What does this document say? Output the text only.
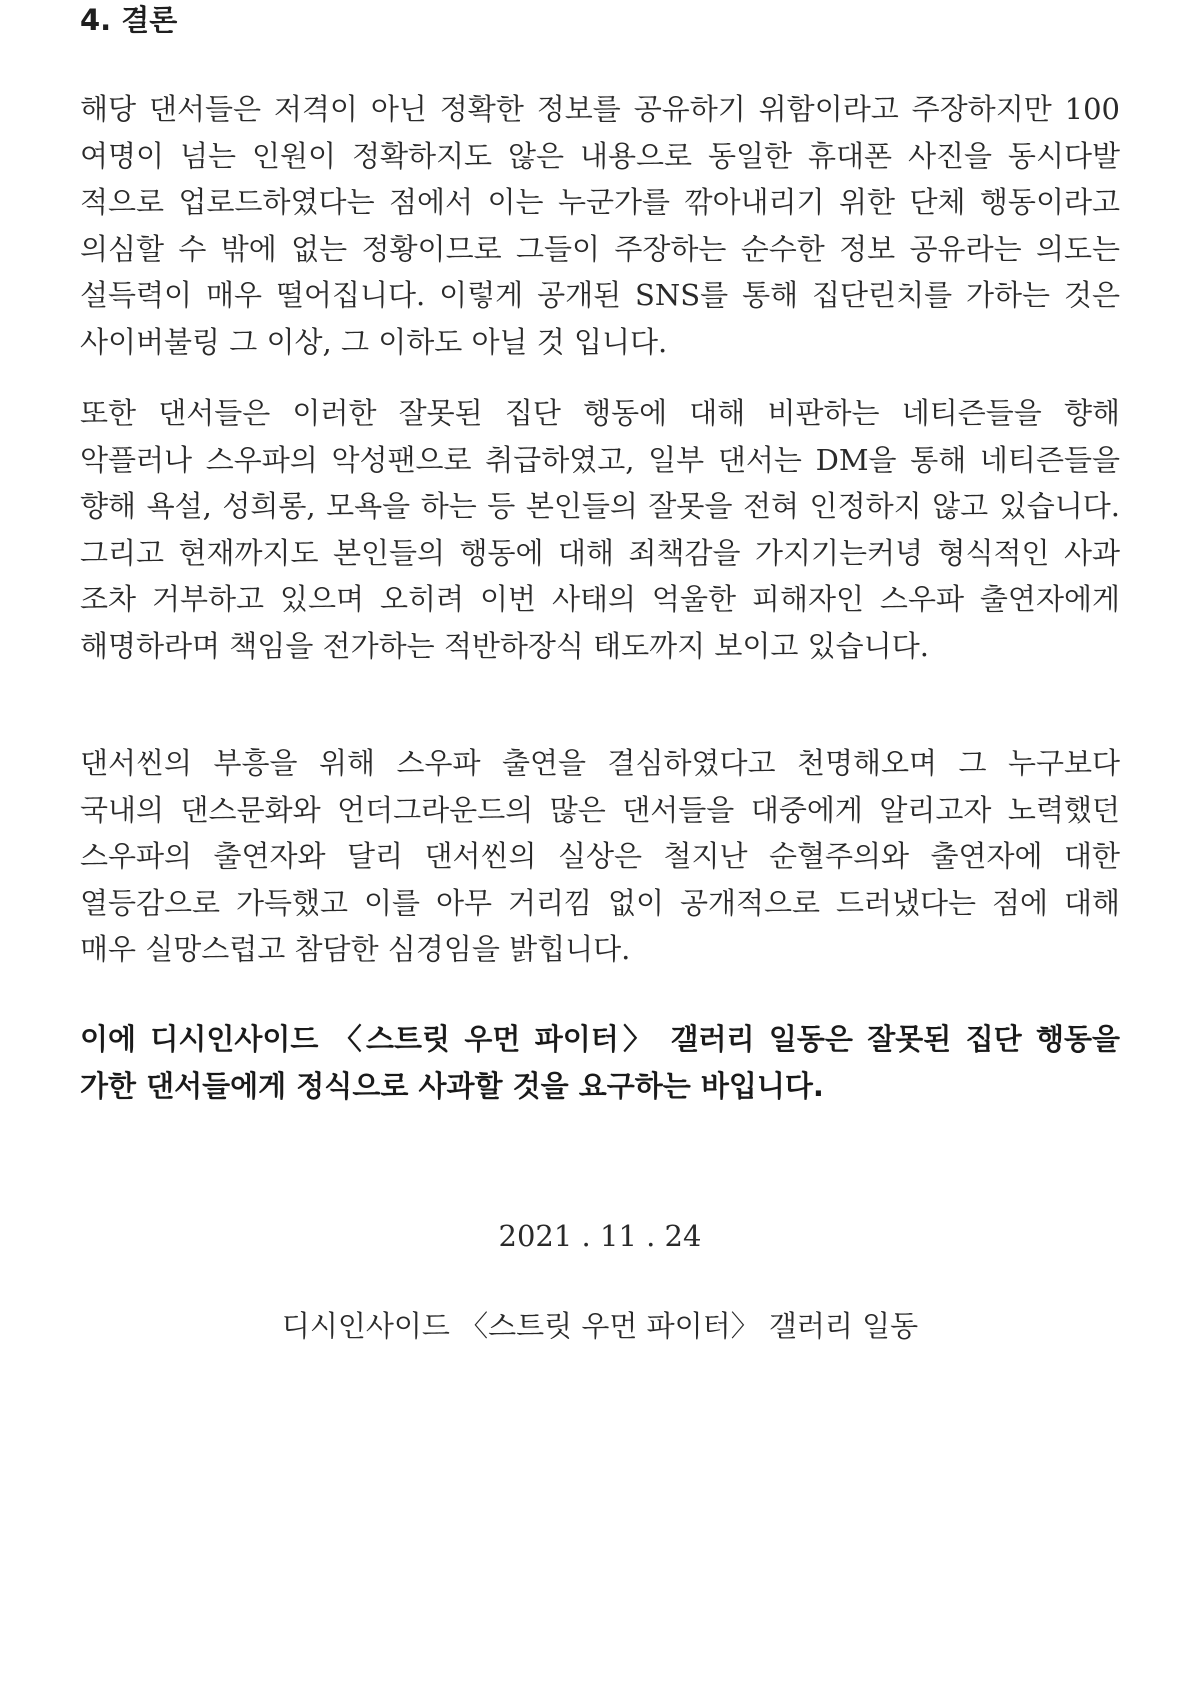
4. 결론
해당 댄서들은 저격이 아닌 정확한 정보를 공유하기 위함이라고 주장하지만 100
여명이 넘는 인원이 정확하지도 않은 내용으로 동일한 휴대폰 사진을 동시다발
적으로 업로드하였다는 점에서 이는 누군가를 깎아내리기 위한 단체 행동이라고
의심할 수 밖에 없는 정황이므로 그들이 주장하는 순수한 정보 공유라는 의도는
설득력이 매우 떨어집니다. 이렇게 공개된 SNS를 통해 집단린치를 가하는 것은
사이버불링 그 이상, 그 이하도 아닐 것 입니다.
또한 댄서들은 이러한 잘못된 집단 행동에 대해 비판하는 네티즌들을 향해
악플러나 스우파의 악성팬으로 취급하였고, 일부 댄서는 DM을 통해 네티즌들을
향해 욕설, 성희롱, 모욕을 하는 등 본인들의 잘못을 전혀 인정하지 않고 있습니다.
그리고 현재까지도 본인들의 행동에 대해 죄책감을 가지기는커녕 형식적인 사과
조차 거부하고 있으며 오히려 이번 사태의 억울한 피해자인 스우파 출연자에게
해명하라며 책임을 전가하는 적반하장식 태도까지 보이고 있습니다.
댄서씬의 부흥을 위해 스우파 출연을 결심하였다고 천명해오며 그 누구보다
국내의 댄스문화와 언더그라운드의 많은 댄서들을 대중에게 알리고자 노력했던
스우파의 출연자와 달리 댄서씬의 실상은 철지난 순혈주의와 출연자에 대한
열등감으로 가득했고 이를 아무 거리낌 없이 공개적으로 드러냈다는 점에 대해
매우 실망스럽고 참담한 심경임을 밝힙니다.
이에 디시인사이드 〈스트릿 우먼 파이터〉 갤러리 일동은 잘못된 집단 행동을
가한 댄서들에게 정식으로 사과할 것을 요구하는 바입니다.

2021 . 11 . 24

디시인사이드 〈스트릿 우먼 파이터〉 갤러리 일동
